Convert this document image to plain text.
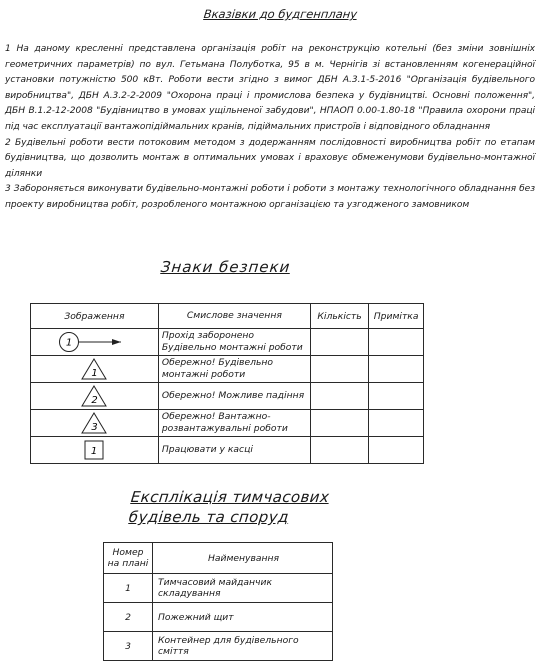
Вказівки до будгенплану

1 На даному кресленні представлена організація робіт на реконструкцію котельні (без зміни зовнішніх геометричних параметрів) по вул. Гетьмана Полуботка, 95 в м. Чернігів зі встановленням когенераційної установки потужністю 500 кВт. Роботи вести згідно з вимог ДБН А.3.1-5-2016 "Організація будівельного виробництва", ДБН А.3.2-2-2009 "Охорона праці і промислова безпека у будівництві. Основні положення", ДБН В.1.2-12-2008 "Будівництво в умовах ущільненої забудови", НПАОП 0.00-1.80-18 "Правила охорони праці під час експлуатації вантажопідіймальних кранів, підіймальних пристроїв і відповідного обладнання

2 Будівельні роботи вести потоковим методом з додержанням послідовності виробництва робіт по етапам будівництва, що дозволить монтаж в оптимальних умовах і враховує обмеженумови будівельно-монтажної ділянки

3 Забороняється виконувати будівельно-монтажні роботи і роботи з монтажу технологічного обладнання без проекту виробництва робіт, розробленого монтажною організацією та узгодженого замовником

Знаки безпеки
Зображення	Смислове значення	Кількість	Примітка

1	Прохід заборонено Будівельно монтажні роботи		

1	Обережно! Будівельно монтажні роботи		

2	Обережно! Можливе падіння		

3	Обережно! Вантажно-розвантажувальні роботи		

1	Працювати у касці		
Експлікація тимчасових
будівель та споруд
Номер на плані	Найменування
1	Тимчасовий майданчик складування
2	Пожежний щит
3	Контейнер для будівельного сміття
